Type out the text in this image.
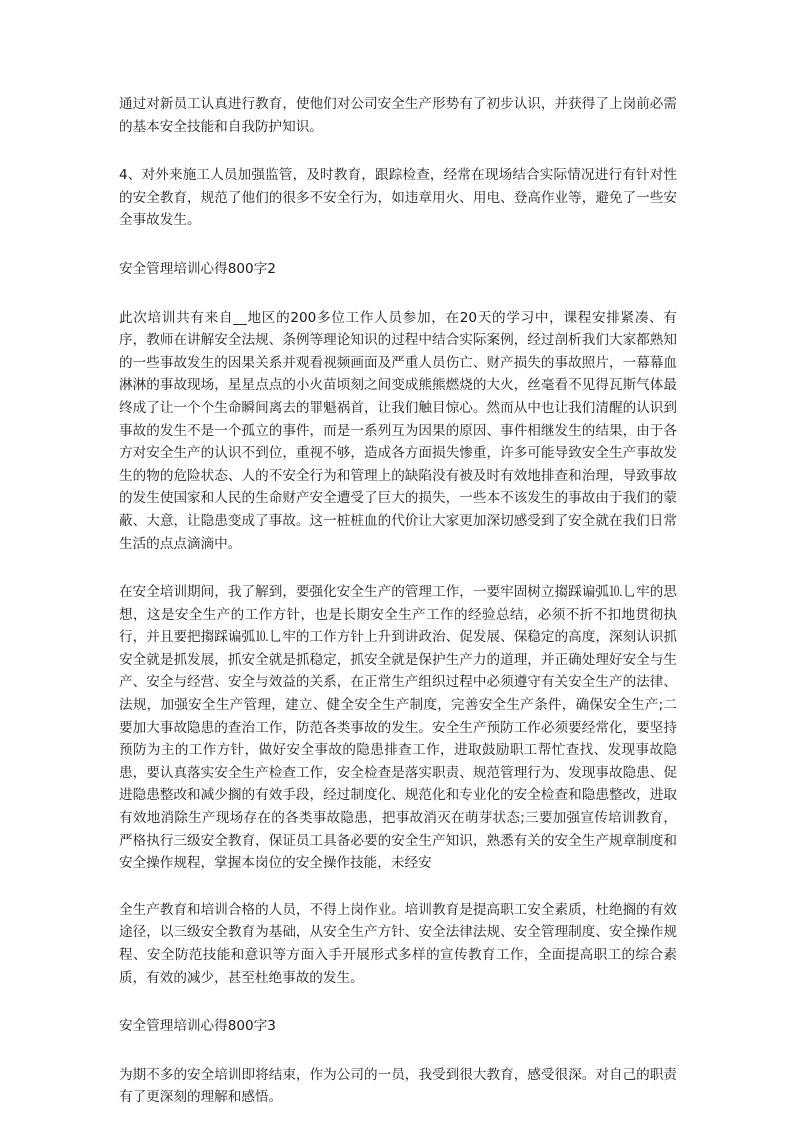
通过对新员工认真进行教育，使他们对公司安全生产形势有了初步认识，并获得了上岗前必需的基本安全技能和自我防护知识。

4、对外来施工人员加强监管，及时教育，跟踪检查，经常在现场结合实际情况进行有针对性的安全教育，规范了他们的很多不安全行为，如违章用火、用电、登高作业等，避免了一些安全事故发生。

安全管理培训心得800字2

此次培训共有来自__地区的200多位工作人员参加，在20天的学习中，课程安排紧凑、有序，教师在讲解安全法规、条例等理论知识的过程中结合实际案例，经过剖析我们大家都熟知的一些事故发生的因果关系并观看视频画面及严重人员伤亡、财产损失的事故照片，一幕幕血淋淋的事故现场，星星点点的小火苗顷刻之间变成熊熊燃烧的大火，丝毫看不见得瓦斯气体最终成了让一个个生命瞬间离去的罪魁祸首，让我们触目惊心。然而从中也让我们清醒的认识到事故的发生不是一个孤立的事件，而是一系列互为因果的原因、事件相继发生的结果，由于各方对安全生产的认识不到位，重视不够，造成各方面损失惨重，许多可能导致安全生产事故发生的物的危险状态、人的不安全行为和管理上的缺陷没有被及时有效地排查和治理，导致事故的发生使国家和人民的生命财产安全遭受了巨大的损失，一些本不该发生的事故由于我们的蒙蔽、大意，让隐患变成了事故。这一桩桩血的代价让大家更加深切感受到了安全就在我们日常生活的点点滴滴中。

在安全培训期间，我了解到，要强化安全生产的管理工作，一要牢固树立搊踩谝弧⒑乚牢的思想，这是安全生产的工作方针，也是长期安全生产工作的经验总结，必须不折不扣地贯彻执行，并且要把搊踩谝弧⒑乚牢的工作方针上升到讲政治、促发展、保稳定的高度，深刻认识抓安全就是抓发展，抓安全就是抓稳定，抓安全就是保护生产力的道理，并正确处理好安全与生产、安全与经营、安全与效益的关系，在正常生产组织过程中必须遵守有关安全生产的法律、法规，加强安全生产管理，建立、健全安全生产制度，完善安全生产条件，确保安全生产;二要加大事故隐患的查治工作，防范各类事故的发生。安全生产预防工作必须要经常化，要坚持预防为主的工作方针，做好安全事故的隐患排查工作，进取鼓励职工帮忙查找、发现事故隐患，要认真落实安全生产检查工作，安全检查是落实职责、规范管理行为、发现事故隐患、促进隐患整改和减少搁的有效手段，经过制度化、规范化和专业化的安全检查和隐患整改，进取有效地消除生产现场存在的各类事故隐患，把事故消灭在萌芽状态;三要加强宣传培训教育，严格执行三级安全教育，保证员工具备必要的安全生产知识，熟悉有关的安全生产规章制度和安全操作规程，掌握本岗位的安全操作技能，未经安

全生产教育和培训合格的人员，不得上岗作业。培训教育是提高职工安全素质，杜绝搁的有效途径，以三级安全教育为基础，从安全生产方针、安全法律法规、安全管理制度、安全操作规程、安全防范技能和意识等方面入手开展形式多样的宣传教育工作，全面提高职工的综合素质，有效的减少，甚至杜绝事故的发生。

安全管理培训心得800字3

为期不多的安全培训即将结束，作为公司的一员，我受到很大教育，感受很深。对自己的职责有了更深刻的理解和感悟。
